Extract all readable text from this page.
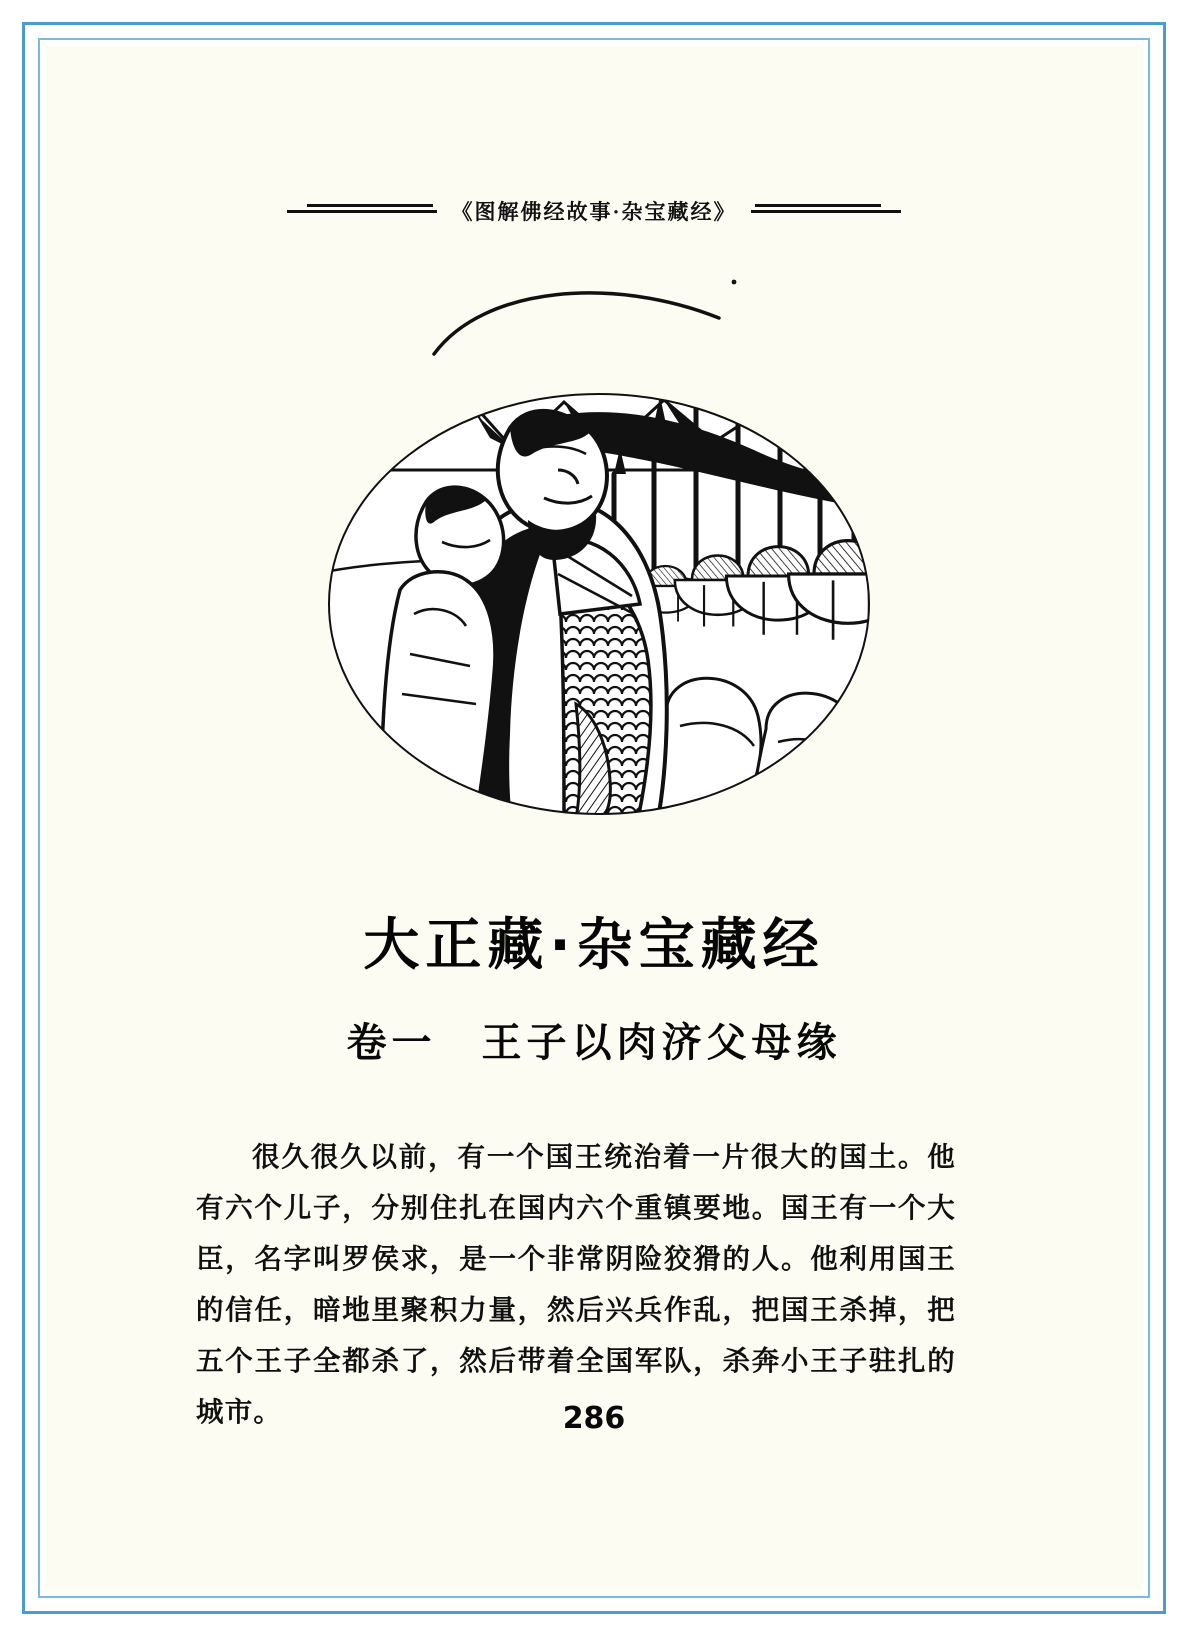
《图解佛经故事·杂宝藏经》
大正藏·杂宝藏经
卷一　王子以肉济父母缘
很久很久以前，有一个国王统治着一片很大的国土。他有六个儿子，分别住扎在国内六个重镇要地。国王有一个大臣，名字叫罗侯求，是一个非常阴险狡猾的人。他利用国王的信任，暗地里聚积力量，然后兴兵作乱，把国王杀掉，把五个王子全都杀了，然后带着全国军队，杀奔小王子驻扎的城市。	286
